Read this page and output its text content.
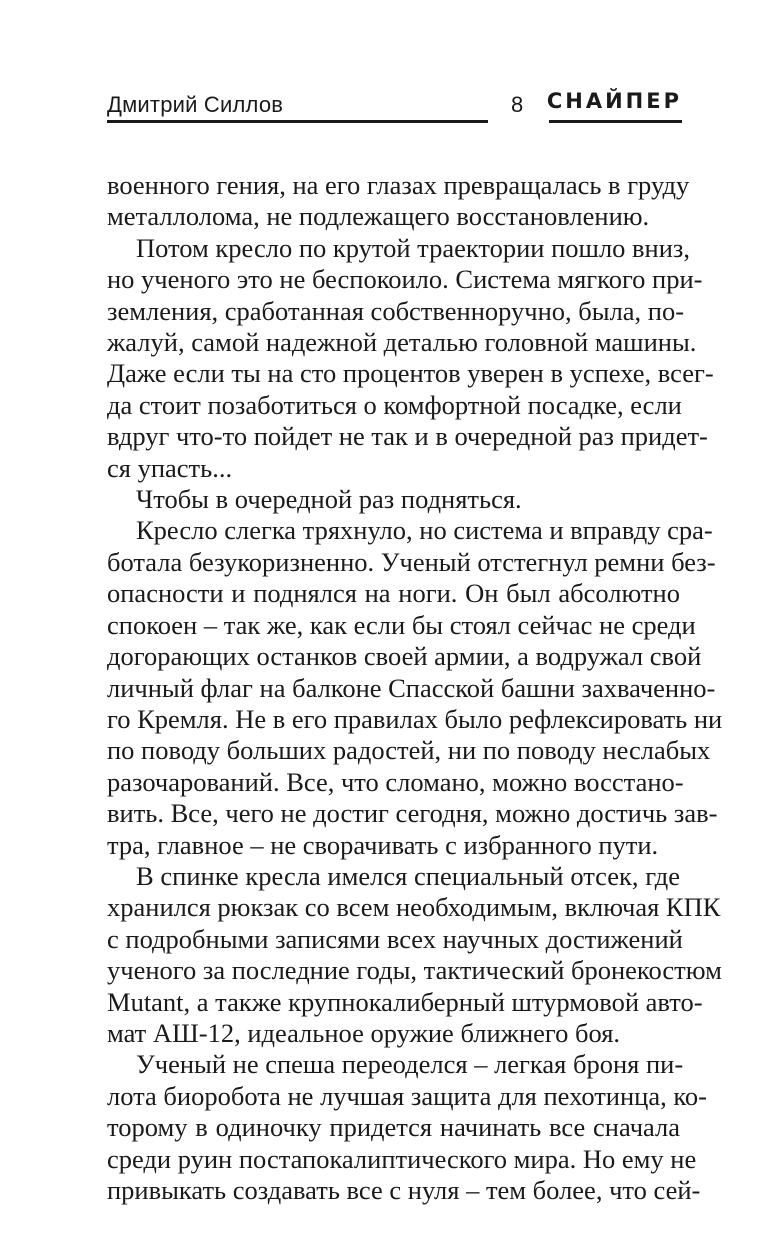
Дмитрий Силлов	8 СНАЙПЕР
военного гения, на его глазах превращалась в груду
металлолома, не подлежащего восстановлению.
Потом кресло по крутой траектории пошло вниз,
но ученого это не беспокоило. Система мягкого при-
земления, сработанная собственноручно, была, по-
жалуй, самой надежной деталью головной машины.
Даже если ты на сто процентов уверен в успехе, всег-
да стоит позаботиться о комфортной посадке, если
вдруг что-то пойдет не так и в очередной раз придет-
ся упасть...
Чтобы в очередной раз подняться.
Кресло слегка тряхнуло, но система и вправду сра-
ботала безукоризненно. Ученый отстегнул ремни без-
опасности и поднялся на ноги. Он был абсолютно
спокоен – так же, как если бы стоял сейчас не среди
догорающих останков своей армии, а водружал свой
личный флаг на балконе Спасской башни захваченно-
го Кремля. Не в его правилах было рефлексировать ни
по поводу больших радостей, ни по поводу неслабых
разочарований. Все, что сломано, можно восстано-
вить. Все, чего не достиг сегодня, можно достичь зав-
тра, главное – не сворачивать с избранного пути.
В спинке кресла имелся специальный отсек, где
хранился рюкзак со всем необходимым, включая КПК
с подробными записями всех научных достижений
ученого за последние годы, тактический бронекостюм
Mutant, а также крупнокалиберный штурмовой авто-
мат АШ-12, идеальное оружие ближнего боя.
Ученый не спеша переоделся – легкая броня пи-
лота биоробота не лучшая защита для пехотинца, ко-
торому в одиночку придется начинать все сначала
среди руин постапокалиптического мира. Но ему не
привыкать создавать все с нуля – тем более, что сей-
